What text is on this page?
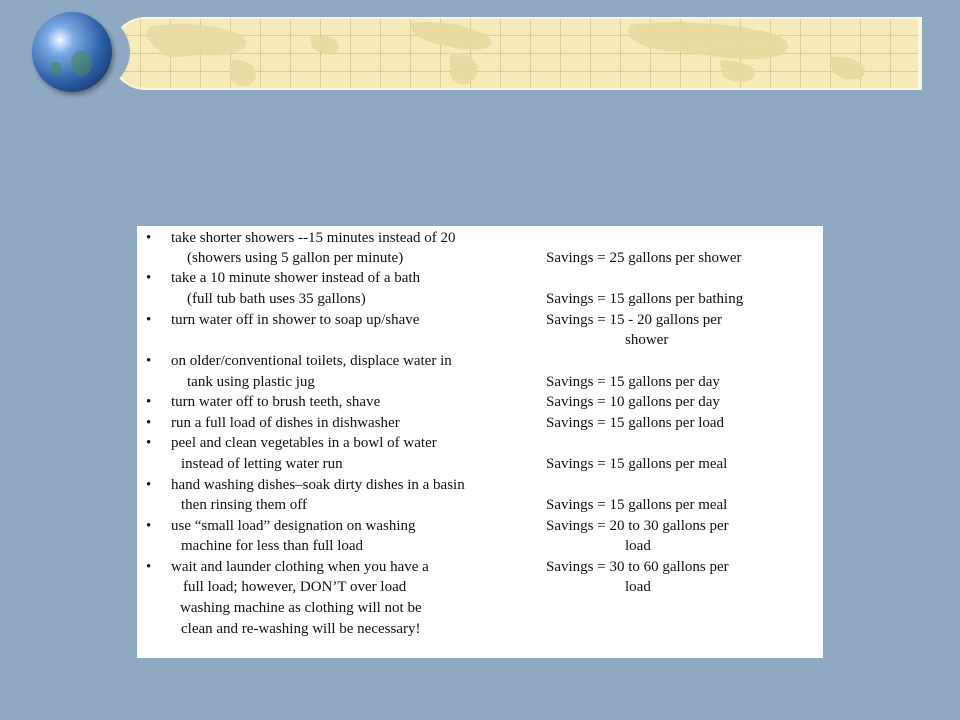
• take shorter showers --15 minutes instead of 20
(showers using 5 gallon per minute)	Savings = 25 gallons per shower
• take a 10 minute shower instead of a bath
(full tub bath uses 35 gallons)	Savings = 15 gallons per bathing
• turn water off in shower to soap up/shave	Savings = 15 - 20 gallons per
shower
• on older/conventional toilets, displace water in
tank using plastic jug	Savings = 15 gallons per day
• turn water off to brush teeth, shave	Savings = 10 gallons per day
• run a full load of dishes in dishwasher	Savings = 15 gallons per load
• peel and clean vegetables in a bowl of water
instead of letting water run	Savings = 15 gallons per meal
• hand washing dishes–soak dirty dishes in a basin
then rinsing them off	Savings = 15 gallons per meal
• use “small load” designation on washing	Savings = 20 to 30 gallons per
machine for less than full load	load
• wait and launder clothing when you have a	Savings = 30 to 60 gallons per
full load; however, DON’T over load	load
washing machine as clothing will not be
clean and re-washing will be necessary!
